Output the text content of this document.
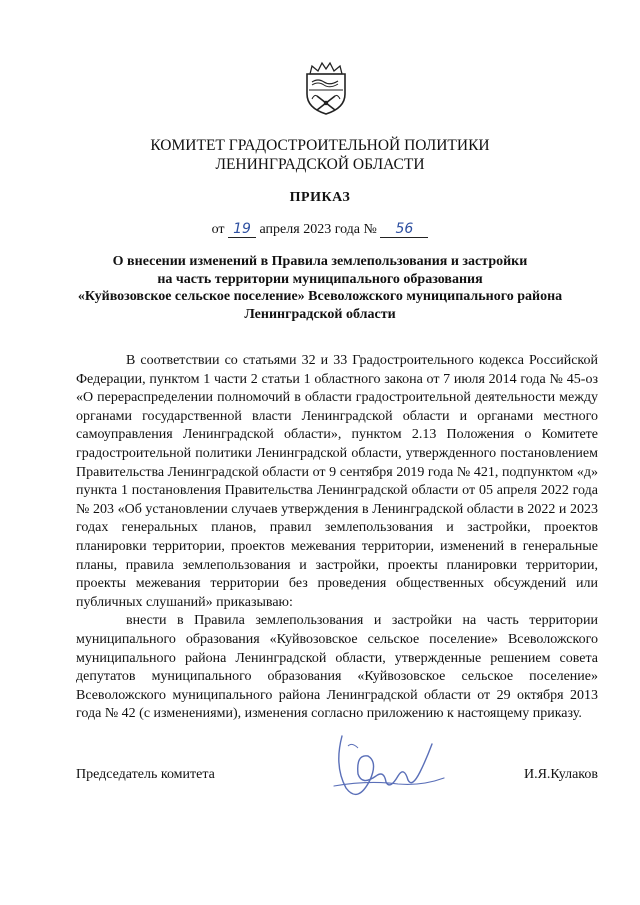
КОМИТЕТ ГРАДОСТРОИТЕЛЬНОЙ ПОЛИТИКИ
ЛЕНИНГРАДСКОЙ ОБЛАСТИ
ПРИКАЗ
от 19 апреля 2023 года № 56
О внесении изменений в Правила землепользования и застройки
на часть территории муниципального образования
«Куйвозовское сельское поселение» Всеволожского муниципального района
Ленинградской области

В соответствии со статьями 32 и 33 Градостроительного кодекса Российской Федерации, пунктом 1 части 2 статьи 1 областного закона от 7 июля 2014 года № 45-оз «О перераспределении полномочий в области градостроительной деятельности между органами государственной власти Ленинградской области и органами местного самоуправления Ленинградской области», пунктом 2.13 Положения о Комитете градостроительной политики Ленинградской области, утвержденного постановлением Правительства Ленинградской области от 9 сентября 2019 года № 421, подпунктом «д» пункта 1 постановления Правительства Ленинградской области от 05 апреля 2022 года № 203 «Об установлении случаев утверждения в Ленинградской области в 2022 и 2023 годах генеральных планов, правил землепользования и застройки, проектов планировки территории, проектов межевания территории, изменений в генеральные планы, правила землепользования и застройки, проекты планировки территории, проекты межевания территории без проведения общественных обсуждений или публичных слушаний» приказываю:

внести в Правила землепользования и застройки на часть территории муниципального образования «Куйвозовское сельское поселение» Всеволожского муниципального района Ленинградской области, утвержденные решением совета депутатов муниципального образования «Куйвозовское сельское поселение» Всеволожского муниципального района Ленинградской области от 29 октября 2013 года № 42 (с изменениями), изменения согласно приложению к настоящему приказу.

Председатель комитета	И.Я.Кулаков
